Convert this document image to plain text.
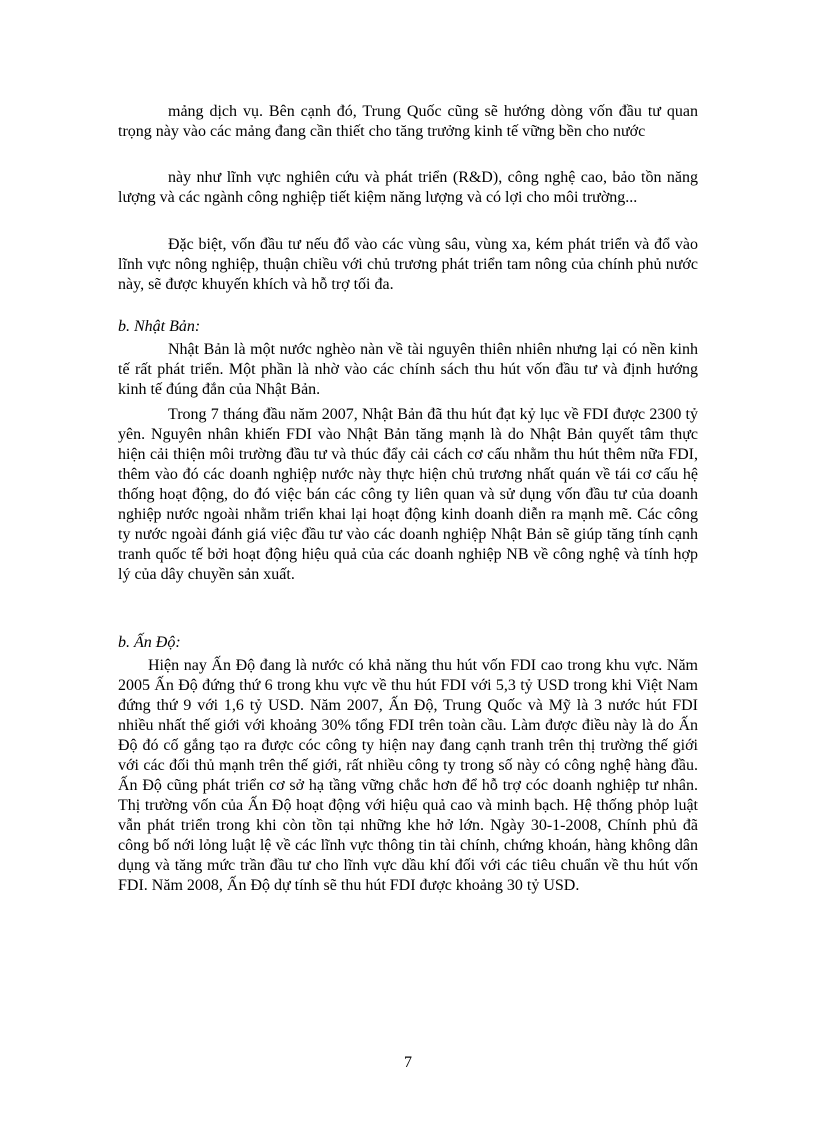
mảng dịch vụ. Bên cạnh đó, Trung Quốc cũng sẽ hướng dòng vốn đầu tư quan trọng này vào các mảng đang cần thiết cho tăng trưởng kinh tế vững bền cho nước

này như lĩnh vực nghiên cứu và phát triển (R&D), công nghệ cao, bảo tồn năng lượng và các ngành công nghiệp tiết kiệm năng lượng và có lợi cho môi trường...

Đặc biệt, vốn đầu tư nếu đổ vào các vùng sâu, vùng xa, kém phát triển và đổ vào lĩnh vực nông nghiệp, thuận chiều với chủ trương phát triển tam nông của chính phủ nước này, sẽ được khuyến khích và hỗ trợ tối đa.

b. Nhật Bản:

Nhật Bản là một nước nghèo nàn về tài nguyên thiên nhiên nhưng lại có nền kinh tế rất phát triển. Một phần là nhờ vào các chính sách thu hút vốn đầu tư và định hướng kinh tế đúng đắn của Nhật Bản.

Trong 7 tháng đầu năm 2007, Nhật Bản đã thu hút đạt kỷ lục về FDI được 2300 tỷ yên. Nguyên nhân khiến FDI vào Nhật Bản tăng mạnh là do Nhật Bản quyết tâm thực hiện cải thiện môi trường đầu tư và thúc đẩy cải cách cơ cấu nhằm thu hút thêm nữa FDI, thêm vào đó các doanh nghiệp nước này thực hiện chủ trương nhất quán về tái cơ cấu hệ thống hoạt động, do đó việc bán các công ty liên quan và sử dụng vốn đầu tư của doanh nghiệp nước ngoài nhằm triển khai lại hoạt động kinh doanh diễn ra mạnh mẽ. Các công ty nước ngoài đánh giá việc đầu tư vào các doanh nghiệp Nhật Bản sẽ giúp tăng tính cạnh tranh quốc tế bởi hoạt động hiệu quả của các doanh nghiệp NB về công nghệ và tính hợp lý của dây chuyền sản xuất.

b. Ấn Độ:

Hiện nay Ấn Độ đang là nước có khả năng thu hút vốn FDI cao trong khu vực. Năm 2005 Ấn Độ đứng thứ 6 trong khu vực về thu hút FDI với 5,3 tỷ USD trong khi Việt Nam đứng thứ 9 với 1,6 tỷ USD. Năm 2007, Ấn Độ, Trung Quốc và Mỹ là 3 nước hút FDI nhiều nhất thế giới với khoảng 30% tổng FDI trên toàn cầu. Làm được điều này là do Ấn Độ đó cố gắng tạo ra được cóc công ty hiện nay đang cạnh tranh trên thị trường thế giới với các đối thủ mạnh trên thế giới, rất nhiều công ty trong số này có công nghệ hàng đầu. Ấn Độ cũng phát triển cơ sở hạ tầng vững chắc hơn để hỗ trợ cóc doanh nghiệp tư nhân. Thị trường vốn của Ấn Độ hoạt động với hiệu quả cao và minh bạch. Hệ thống phỏp luật vẫn phát triển trong khi còn tồn tại những khe hở lớn. Ngày 30-1-2008, Chính phủ đã công bố nới lỏng luật lệ về các lĩnh vực thông tin tài chính, chứng khoán, hàng không dân dụng và tăng mức trần đầu tư cho lĩnh vực dầu khí đối với các tiêu chuẩn về thu hút vốn FDI. Năm 2008, Ấn Độ dự tính sẽ thu hút FDI được khoảng 30 tỷ USD.

7
